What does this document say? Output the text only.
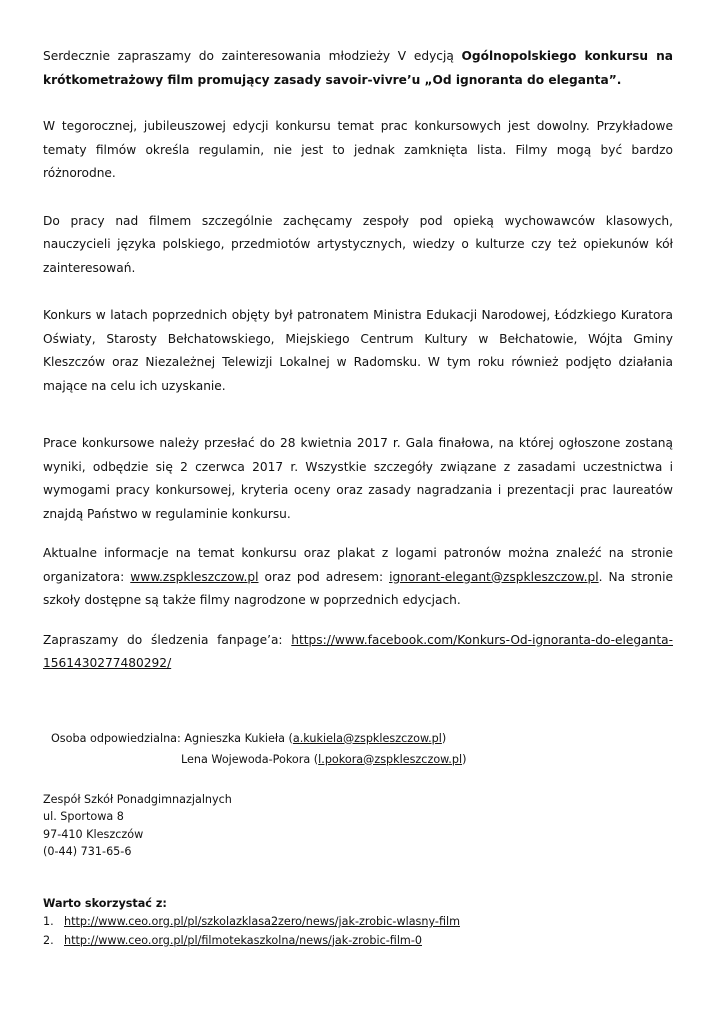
Serdecznie zapraszamy do zainteresowania młodzieży V edycją Ogólnopolskiego konkursu na krótkometrażowy film promujący zasady savoir-vivre’u „Od ignoranta do eleganta”.

W tegorocznej, jubileuszowej edycji konkursu temat prac konkursowych jest dowolny. Przykładowe tematy filmów określa regulamin, nie jest to jednak zamknięta lista. Filmy mogą być bardzo różnorodne.

Do pracy nad filmem szczególnie zachęcamy zespoły pod opieką wychowawców klasowych, nauczycieli języka polskiego, przedmiotów artystycznych, wiedzy o kulturze czy też opiekunów kół zainteresowań.

Konkurs w latach poprzednich objęty był patronatem Ministra Edukacji Narodowej, Łódzkiego Kuratora Oświaty, Starosty Bełchatowskiego, Miejskiego Centrum Kultury w Bełchatowie, Wójta Gminy Kleszczów oraz Niezależnej Telewizji Lokalnej w Radomsku. W tym roku również podjęto działania mające na celu ich uzyskanie.

Prace konkursowe należy przesłać do 28 kwietnia 2017 r. Gala finałowa, na której ogłoszone zostaną wyniki, odbędzie się 2 czerwca 2017 r. Wszystkie szczegóły związane z zasadami uczestnictwa i wymogami pracy konkursowej, kryteria oceny oraz zasady nagradzania i prezentacji prac laureatów znajdą Państwo w regulaminie konkursu.

Aktualne informacje na temat konkursu oraz plakat z logami patronów można znaleźć na stronie organizatora: www.zspkleszczow.pl oraz pod adresem: ignorant-elegant@zspkleszczow.pl. Na stronie szkoły dostępne są także filmy nagrodzone w poprzednich edycjach.

Zapraszamy do śledzenia fanpage’a: https://www.facebook.com/Konkurs-Od-ignoranta-do-eleganta-1561430277480292/

Osoba odpowiedzialna: Agnieszka Kukieła (a.kukiela@zspkleszczow.pl)
Lena Wojewoda-Pokora (l.pokora@zspkleszczow.pl)
Zespół Szkół Ponadgimnazjalnych
ul. Sportowa 8
97-410 Kleszczów
(0-44) 731-65-6
Warto skorzystać z:
1. http://www.ceo.org.pl/pl/szkolazklasa2zero/news/jak-zrobic-wlasny-film
2. http://www.ceo.org.pl/pl/filmotekaszkolna/news/jak-zrobic-film-0
